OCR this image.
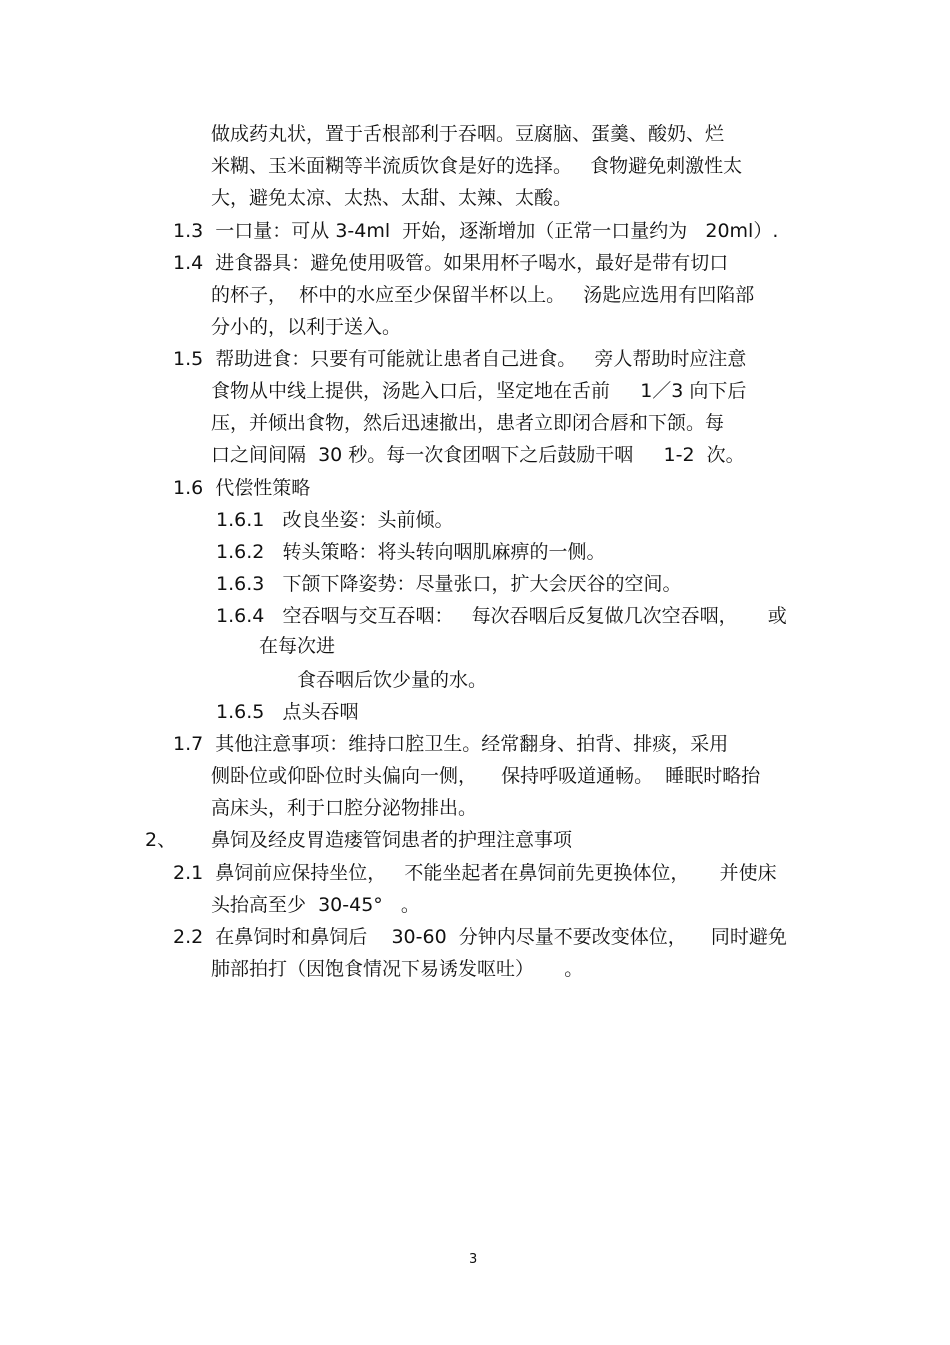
做成药丸状，置于舌根部利于吞咽。豆腐脑、蛋羹、酸奶、烂
米糊、玉米面糊等半流质饮食是好的选择。   食物避免刺激性太
大，避免太凉、太热、太甜、太辣、太酸。
1.3  一口量：可从 3-4ml  开始，逐渐增加（正常一口量约为   20ml）.
1.4  进食器具：避免使用吸管。如果用杯子喝水，最好是带有切口
的杯子，  杯中的水应至少保留半杯以上。   汤匙应选用有凹陷部
分小的，以利于送入。
1.5  帮助进食：只要有可能就让患者自己进食。   旁人帮助时应注意
食物从中线上提供，汤匙入口后，坚定地在舌前     1／3 向下后
压，并倾出食物，然后迅速撤出，患者立即闭合唇和下颌。每
口之间间隔  30 秒。每一次食团咽下之后鼓励干咽     1-2  次。
1.6  代偿性策略
1.6.1   改良坐姿：头前倾。
1.6.2   转头策略：将头转向咽肌麻痹的一侧。
1.6.3   下颌下降姿势：尽量张口，扩大会厌谷的空间。
1.6.4   空吞咽与交互吞咽：   每次吞咽后反复做几次空吞咽，     或
在每次进
食吞咽后饮少量的水。
1.6.5   点头吞咽
1.7  其他注意事项：维持口腔卫生。经常翻身、拍背、排痰，采用
侧卧位或仰卧位时头偏向一侧，    保持呼吸道通畅。  睡眠时略抬
高床头，利于口腔分泌物排出。
2、 鼻饲及经皮胃造瘘管饲患者的护理注意事项
2.1  鼻饲前应保持坐位，   不能坐起者在鼻饲前先更换体位，     并使床
头抬高至少  30-45°   。
2.2  在鼻饲时和鼻饲后    30-60  分钟内尽量不要改变体位，    同时避免
肺部拍打（因饱食情况下易诱发呕吐）     。
3
